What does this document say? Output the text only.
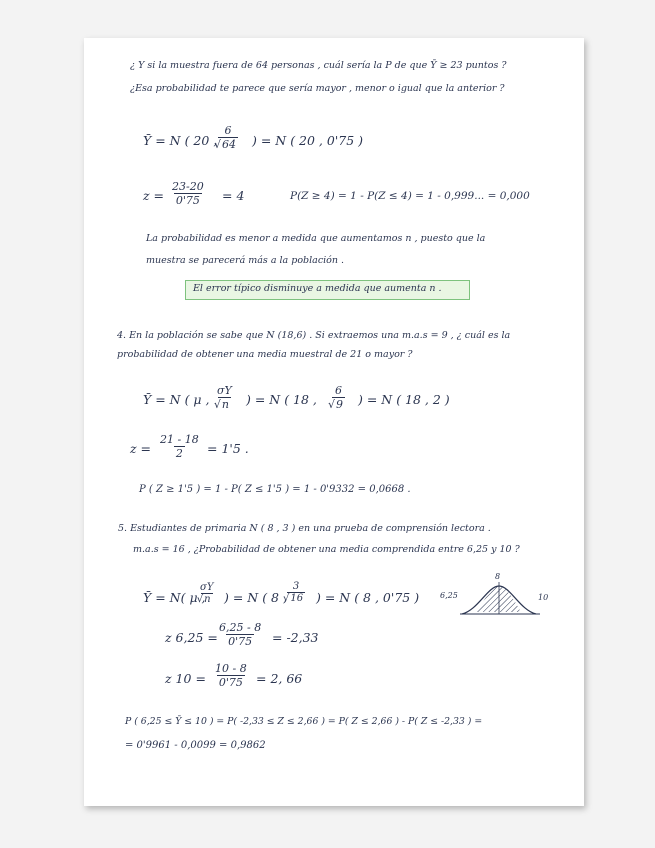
¿ Y si la muestra fuera de 64 personas , cuál sería la P de que Ȳ ≥ 23 puntos ?
¿Esa probabilidad te parece que sería mayor , menor o igual que la anterior ?
Ȳ = N ( 20 , 6
√ 64 ) = N ( 20 , 0'75 )
$z = \frac{23-20}{0'75} = 4$	P(Z ≥ 4) = 1 - P(Z ≤ 4) = 1 - 0,999... = 0,000
La probabilidad es menor a medida que aumentamos n , puesto que la
muestra se parecerá más a la población .
El error típico disminuye a medida que aumenta n .
4. En la población se sabe que N (18,6) . Si extraemos una m.a.s = 9 , ¿ cuál es la
probabilidad de obtener una media muestral de 21 o mayor ?
Ȳ = N ( μ , σY
√ n ) = N ( 18 , 6
√ 9 ) = N ( 18 , 2 )
$z = \frac{21 - 18}{2} = 1'5$ .
P ( Z ≥ 1'5 ) = 1 - P( Z ≤ 1'5 ) = 1 - 0'9332 = 0,0668 .
5. Estudiantes de primaria N ( 8 , 3 ) en una prueba de comprensión lectora .
m.a.s = 16 , ¿Probabilidad de obtener una media comprendida entre 6,25 y 10 ?
Ȳ = N( μ ,
σY
√ n ) = N ( 8 , 3
√ 16 ) = N ( 8 , 0'75 )	6,25
8
10
z $6,25 = \frac{6,25 - 8}{0'75} = -2,33$
z $10 = \frac{10 - 8}{0'75} = 2$, 66
P ( 6,25 ≤ Ȳ ≤ 10 ) = P( -2,33 ≤ Z ≤ 2,66 ) = P( Z ≤ 2,66 ) - P( Z ≤ -2,33 ) =
= 0'9961 - 0,0099 = 0,9862
